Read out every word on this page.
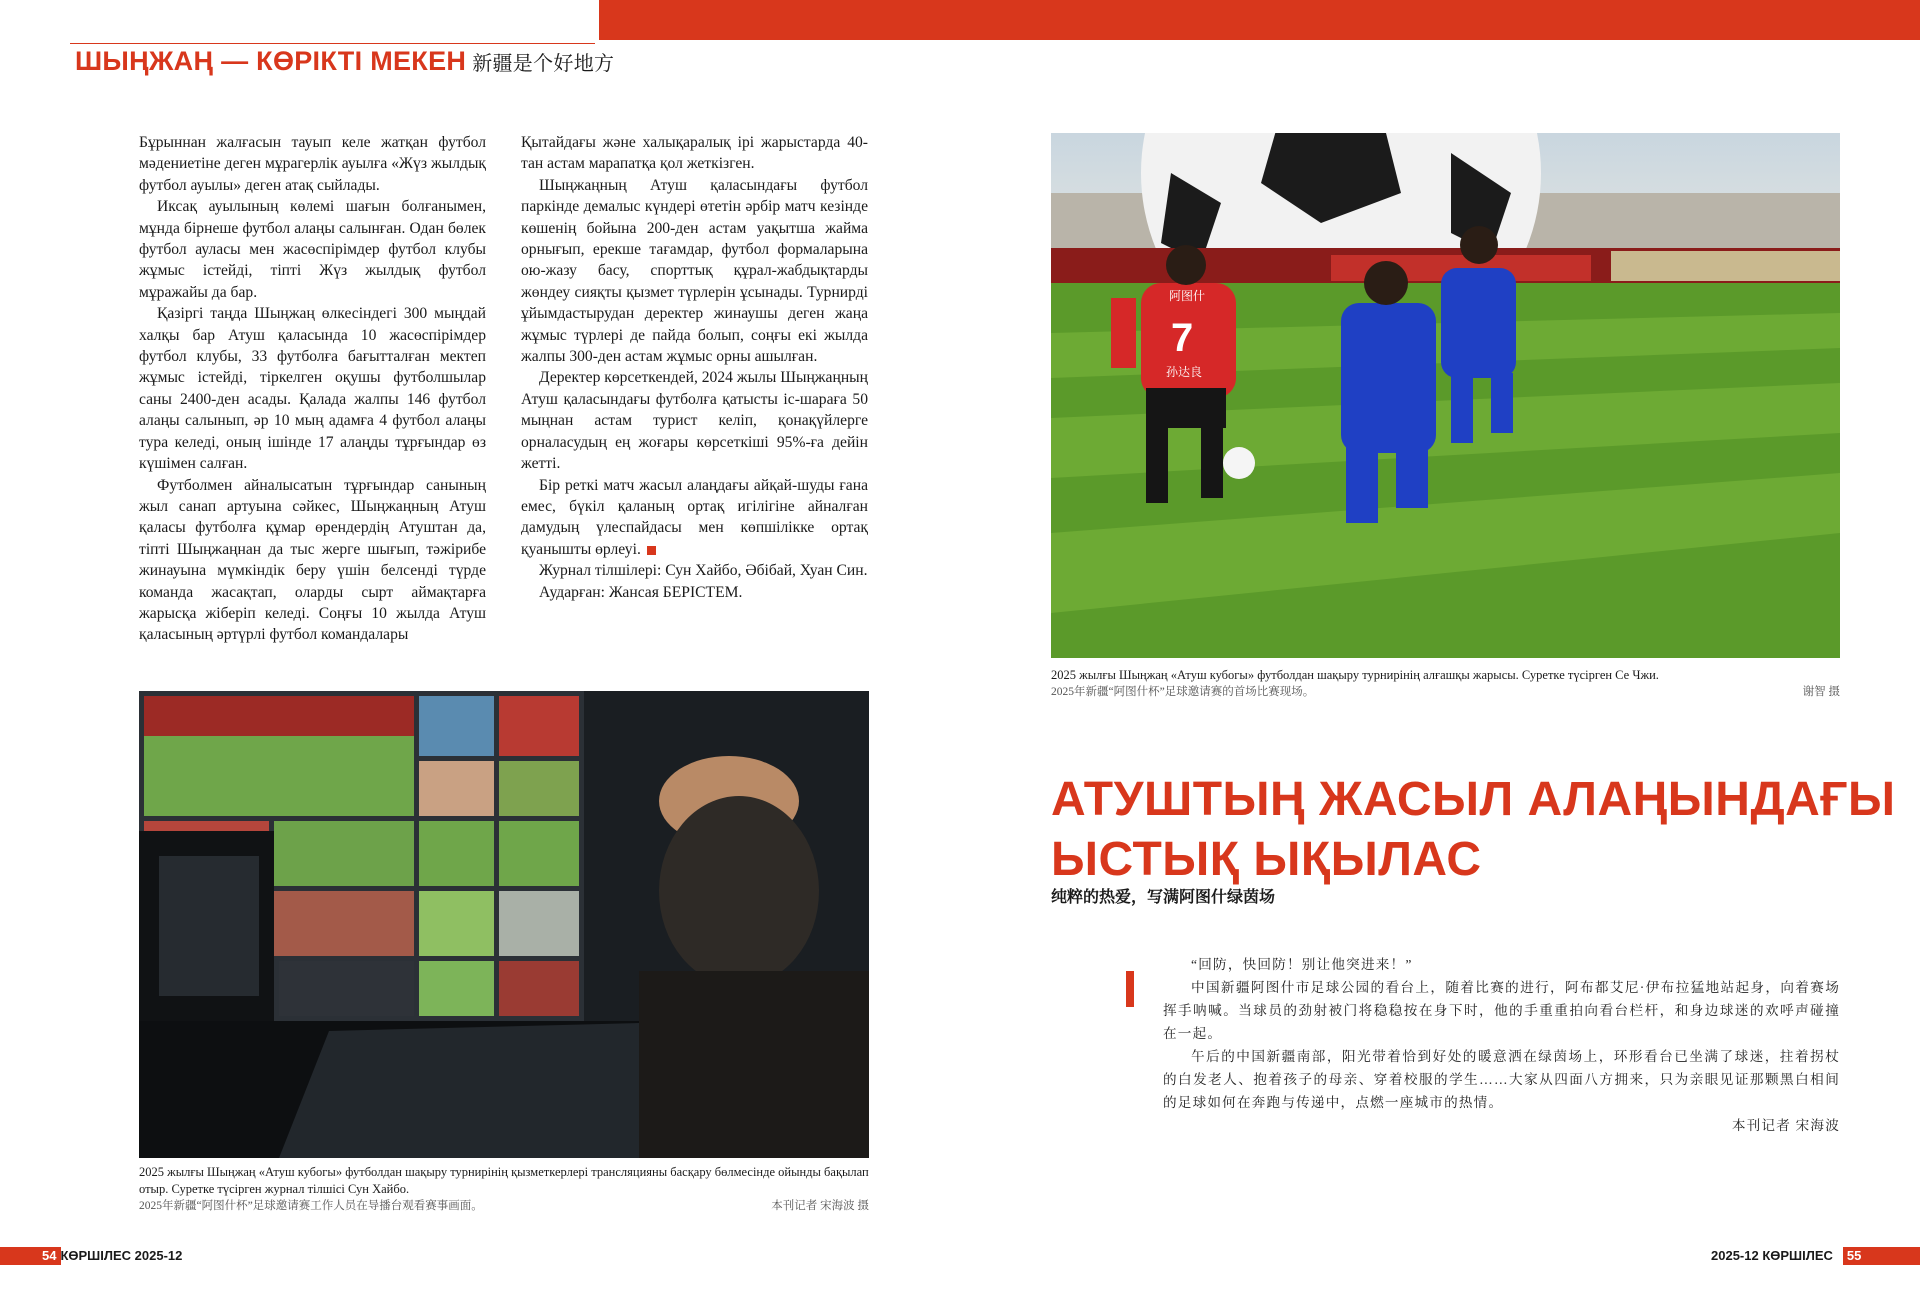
ШЫҢЖАҢ — КӨРІКТІ МЕКЕН 新疆是个好地方

Бұрыннан жалғасын тауып келе жатқан футбол мәдениетіне деген мұрагерлік ауылға «Жүз жылдық футбол ауылы» деген атақ сыйлады.

Иксақ ауылының көлемі шағын болғанымен, мұнда бірнеше футбол алаңы салынған. Одан бөлек футбол ауласы мен жасөспірімдер футбол клубы жұмыс істейді, тіпті Жүз жылдық футбол мұражайы да бар.

Қазіргі таңда Шыңжаң өлкесіндегі 300 мыңдай халқы бар Атуш қаласында 10 жасөспірімдер футбол клубы, 33 футболға бағытталған мектеп жұмыс істейді, тіркелген оқушы футболшылар саны 2400-ден асады. Қалада жалпы 146 футбол алаңы салынып, әр 10 мың адамға 4 футбол алаңы тура келеді, оның ішінде 17 алаңды тұрғындар өз күшімен салған.

Футболмен айналысатын тұрғындар санының жыл санап артуына сәйкес, Шыңжаңның Атуш қаласы футболға құмар өрендердің Атуштан да, тіпті Шыңжаңнан да тыс жерге шығып, тәжірибе жинауына мүмкіндік беру үшін белсенді түрде команда жасақтап, оларды сырт аймақтарға жарысқа жіберіп келеді. Соңғы 10 жылда Атуш қаласының әртүрлі футбол командалары

Қытайдағы және халықаралық ірі жарыстарда 40-тан астам марапатқа қол жеткізген.

Шыңжаңның Атуш қаласындағы футбол паркінде демалыс күндері өтетін әрбір матч кезінде көшенің бойына 200-ден астам уақытша жайма орнығып, ерекше тағамдар, футбол формаларына ою-жазу басу, спорттық құрал-жабдықтарды жөндеу сияқты қызмет түрлерін ұсынады. Турнирді ұйымдастырудан деректер жинаушы деген жаңа жұмыс түрлері де пайда болып, соңғы екі жылда жалпы 300-ден астам жұмыс орны ашылған.

Деректер көрсеткендей, 2024 жылы Шыңжаңның Атуш қаласындағы футболға қатысты іс-шараға 50 мыңнан астам турист келіп, қонақүйлерге орналасудың ең жоғары көрсеткіші 95%-ға дейін жетті.

Бір реткі матч жасыл алаңдағы айқай-шуды ғана емес, бүкіл қаланың ортақ игілігіне айналған дамудың үлеспайдасы мен көпшілікке ортақ қуанышты өрлеуі.

Журнал тілшілері: Сун Хайбо, Әбібай, Хуан Син.

Аударған: Жансая БЕРІСТЕМ.

阿图什
7
孙达良
2025 жылғы Шыңжаң «Атуш кубогы» футболдан шақыру турнирінің алғашқы жарысы. Суретке түсірген Се Чжи.
2025年新疆“阿图什杯”足球邀请赛的首场比赛现场。	谢智 摄
АТУШТЫҢ ЖАСЫЛ АЛАҢЫНДАҒЫ
ЫСТЫҚ ЫҚЫЛАС
纯粹的热爱，写满阿图什绿茵场

“回防，快回防！别让他突进来！”

中国新疆阿图什市足球公园的看台上，随着比赛的进行，阿布都艾尼·伊布拉猛地站起身，向着赛场挥手呐喊。当球员的劲射被门将稳稳按在身下时，他的手重重拍向看台栏杆，和身边球迷的欢呼声碰撞在一起。

午后的中国新疆南部，阳光带着恰到好处的暖意洒在绿茵场上，环形看台已坐满了球迷，拄着拐杖的白发老人、抱着孩子的母亲、穿着校服的学生……大家从四面八方拥来，只为亲眼见证那颗黑白相间的足球如何在奔跑与传递中，点燃一座城市的热情。

本刊记者 宋海波

2025 жылғы Шыңжаң «Атуш кубогы» футболдан шақыру турнирінің қызметкерлері трансляцияны басқару бөлмесінде ойынды бақылап отыр. Суретке түсірген журнал тілшісі Сун Хайбо.
2025年新疆“阿图什杯”足球邀请赛工作人员在导播台观看赛事画面。	本刊记者 宋海波 摄
54 КӨРШІЛЕС 2025-12	2025-12 КӨРШІЛЕС 55
